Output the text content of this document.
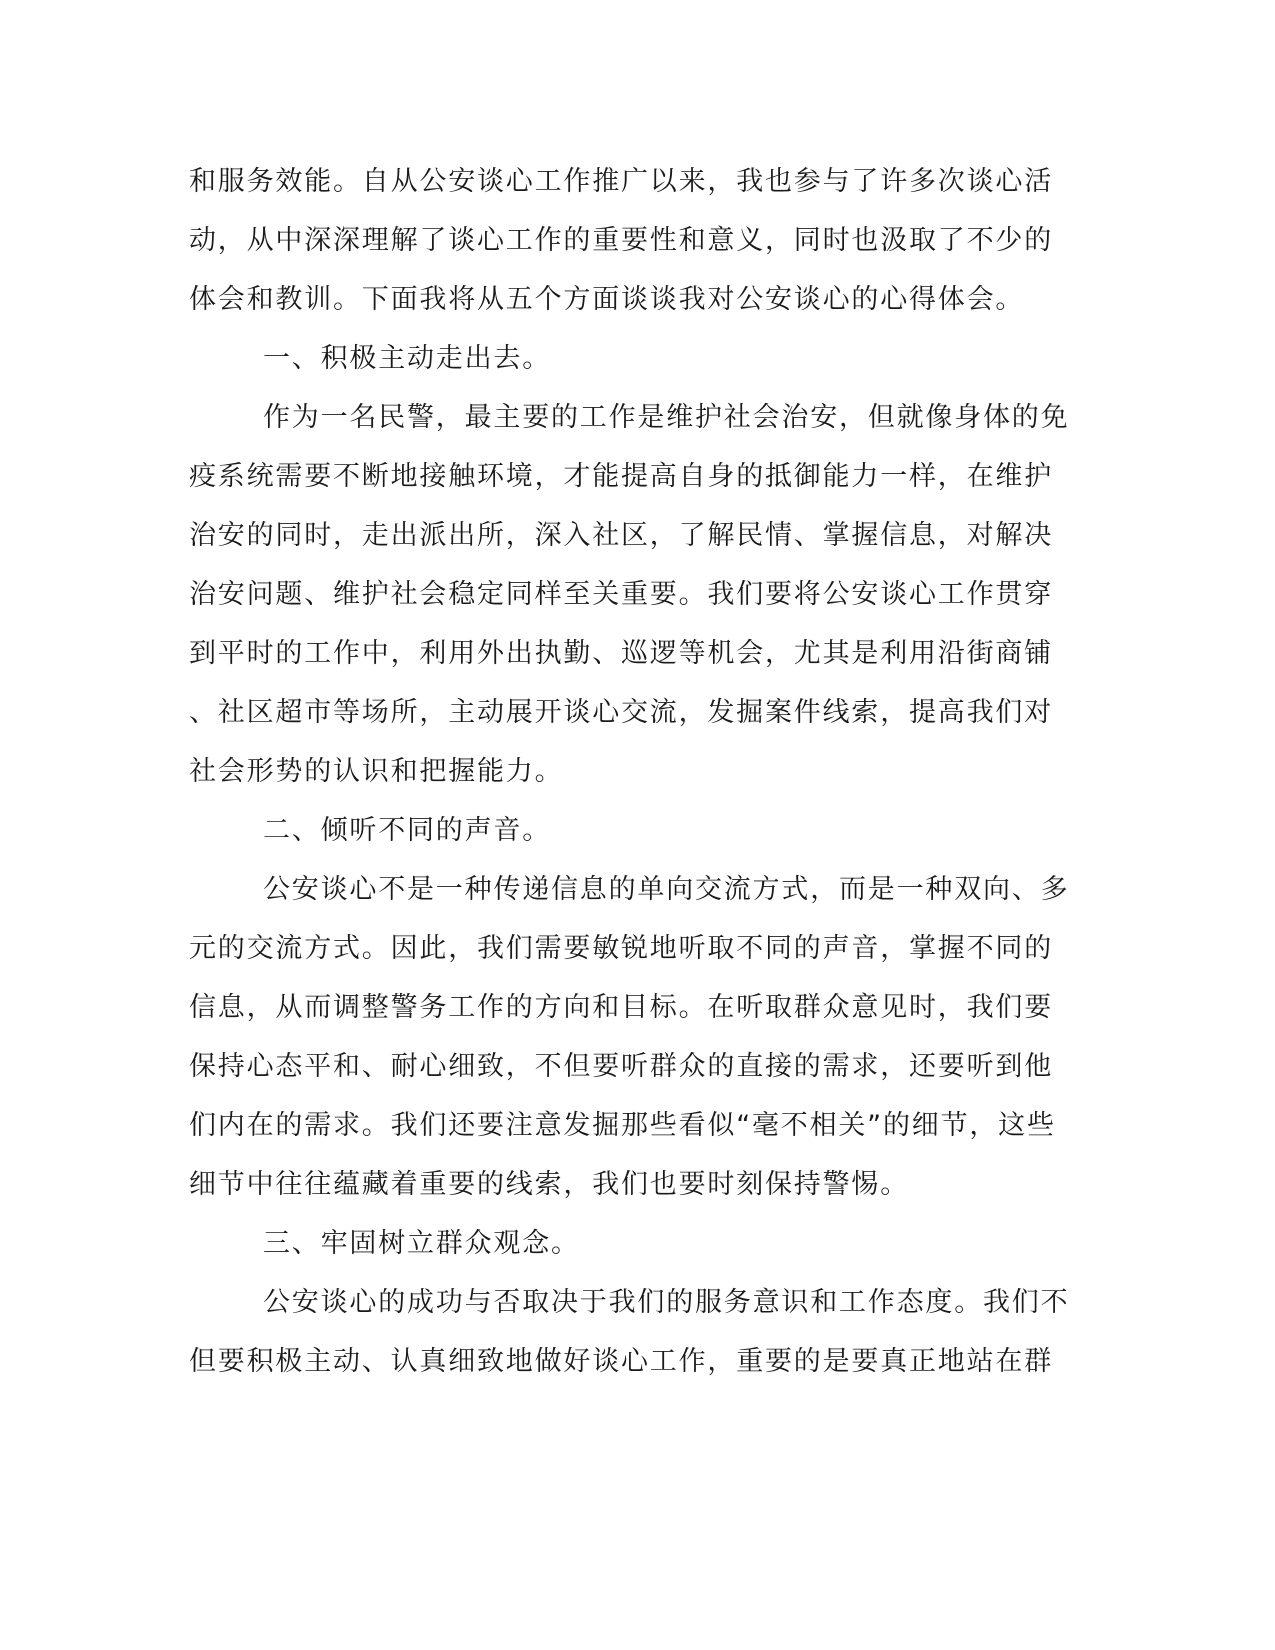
和服务效能。自从公安谈心工作推广以来，我也参与了许多次谈心活
动，从中深深理解了谈心工作的重要性和意义，同时也汲取了不少的
体会和教训。下面我将从五个方面谈谈我对公安谈心的心得体会。
一、积极主动走出去。
作为一名民警，最主要的工作是维护社会治安，但就像身体的免
疫系统需要不断地接触环境，才能提高自身的抵御能力一样，在维护
治安的同时，走出派出所，深入社区，了解民情、掌握信息，对解决
治安问题、维护社会稳定同样至关重要。我们要将公安谈心工作贯穿
到平时的工作中，利用外出执勤、巡逻等机会，尤其是利用沿街商铺
、社区超市等场所，主动展开谈心交流，发掘案件线索，提高我们对
社会形势的认识和把握能力。
二、倾听不同的声音。
公安谈心不是一种传递信息的单向交流方式，而是一种双向、多
元的交流方式。因此，我们需要敏锐地听取不同的声音，掌握不同的
信息，从而调整警务工作的方向和目标。在听取群众意见时，我们要
保持心态平和、耐心细致，不但要听群众的直接的需求，还要听到他
们内在的需求。我们还要注意发掘那些看似“毫不相关”的细节，这些
细节中往往蕴藏着重要的线索，我们也要时刻保持警惕。
三、牢固树立群众观念。
公安谈心的成功与否取决于我们的服务意识和工作态度。我们不
但要积极主动、认真细致地做好谈心工作，重要的是要真正地站在群
